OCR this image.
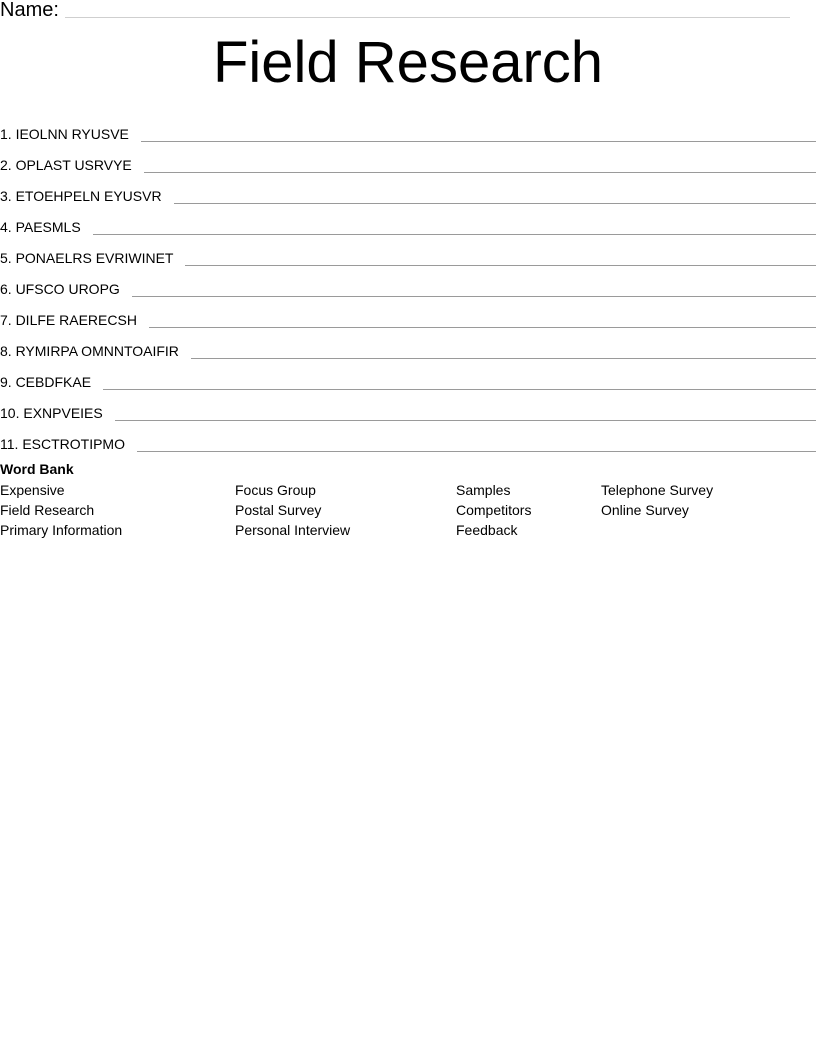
Name:
Field Research
1. IEOLNN RYUSVE
2. OPLAST USRVYE
3. ETOEHPELN EYUSVR
4. PAESMLS
5. PONAELRS EVRIWINET
6. UFSCO UROPG
7. DILFE RAERECSH
8. RYMIRPA OMNNTOAIFIR
9. CEBDFKAE
10. EXNPVEIES
11. ESCTROTIPMO
Word Bank
Expensive
Field Research
Primary Information
Focus Group
Postal Survey
Personal Interview
Samples
Competitors
Feedback
Telephone Survey
Online Survey
